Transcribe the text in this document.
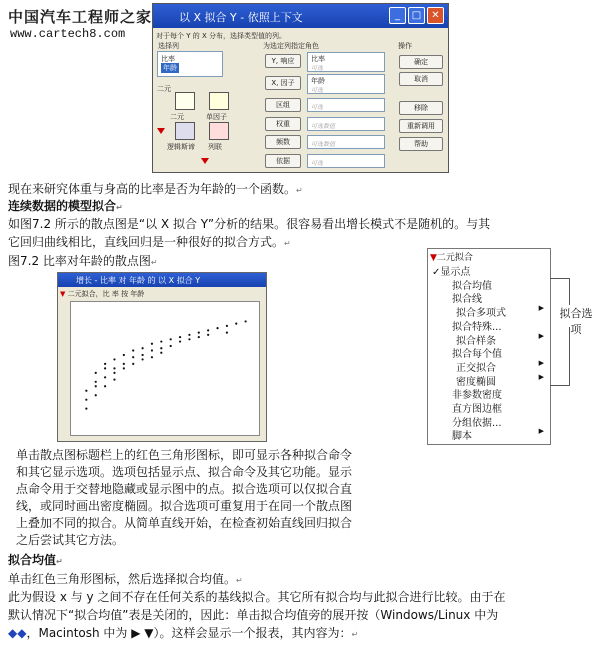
中国汽车工程师之家
www.cartech8.com
以 X 拟合 Y - 依照上下文	_	□	✕
对于每个 Y 的 X 分布，选择类型值的列。
选择列	为选定列指定角色	操作
比率
年龄
二元
二元	单因子
逻辑斯谛 列联
Y, 响应	比率
可选
X, 因子	年龄
可选
区组	可选
权重	可选数值
频数	可选数值
依据	可选
确定
取消
移除
重新调用
帮助
现在来研究体重与身高的比率是否为年龄的一个函数。↵
连续数据的模型拟合↵
如图7.2 所示的散点图是“以 X 拟合 Y”分析的结果。很容易看出增长模式不是随机的。与其
它回归曲线相比，直线回归是一种很好的拟合方式。↵
图7.2 比率对年龄的散点图↵
增长 - 比率 对 年龄 的 以 X 拟合 Y
▼ 二元拟合，比 率 按 年龄
▼二元拟合
✓显示点
拟合均值
拟合线
拟合多项式	▶
拟合特殊...
拟合样条	▶
拟合每个值
正交拟合	▶
密度椭圆	▶
非参数密度
直方图边框
分组依据...
脚本	▶
拟合选项
单击散点图标题栏上的红色三角形图标，即可显示各种拟合命令
和其它显示选项。选项包括显示点、拟合命令及其它功能。显示
点命令用于交替地隐藏或显示图中的点。拟合选项可以仅拟合直
线，或同时画出密度椭圆。拟合选项可重复用于在同一个散点图
上叠加不同的拟合。从简单直线开始，在检查初始直线回归拟合
之后尝试其它方法。
拟合均值↵
单击红色三角形图标，然后选择拟合均值。↵
此为假设 x 与 y 之间不存在任何关系的基线拟合。其它所有拟合均与此拟合进行比较。由于在
默认情况下“拟合均值”表是关闭的，因此：单击拟合均值旁的展开按（Windows/Linux 中为
◆◆，Macintosh 中为 ▶ ▼）。这样会显示一个报表，其内容为：↵
